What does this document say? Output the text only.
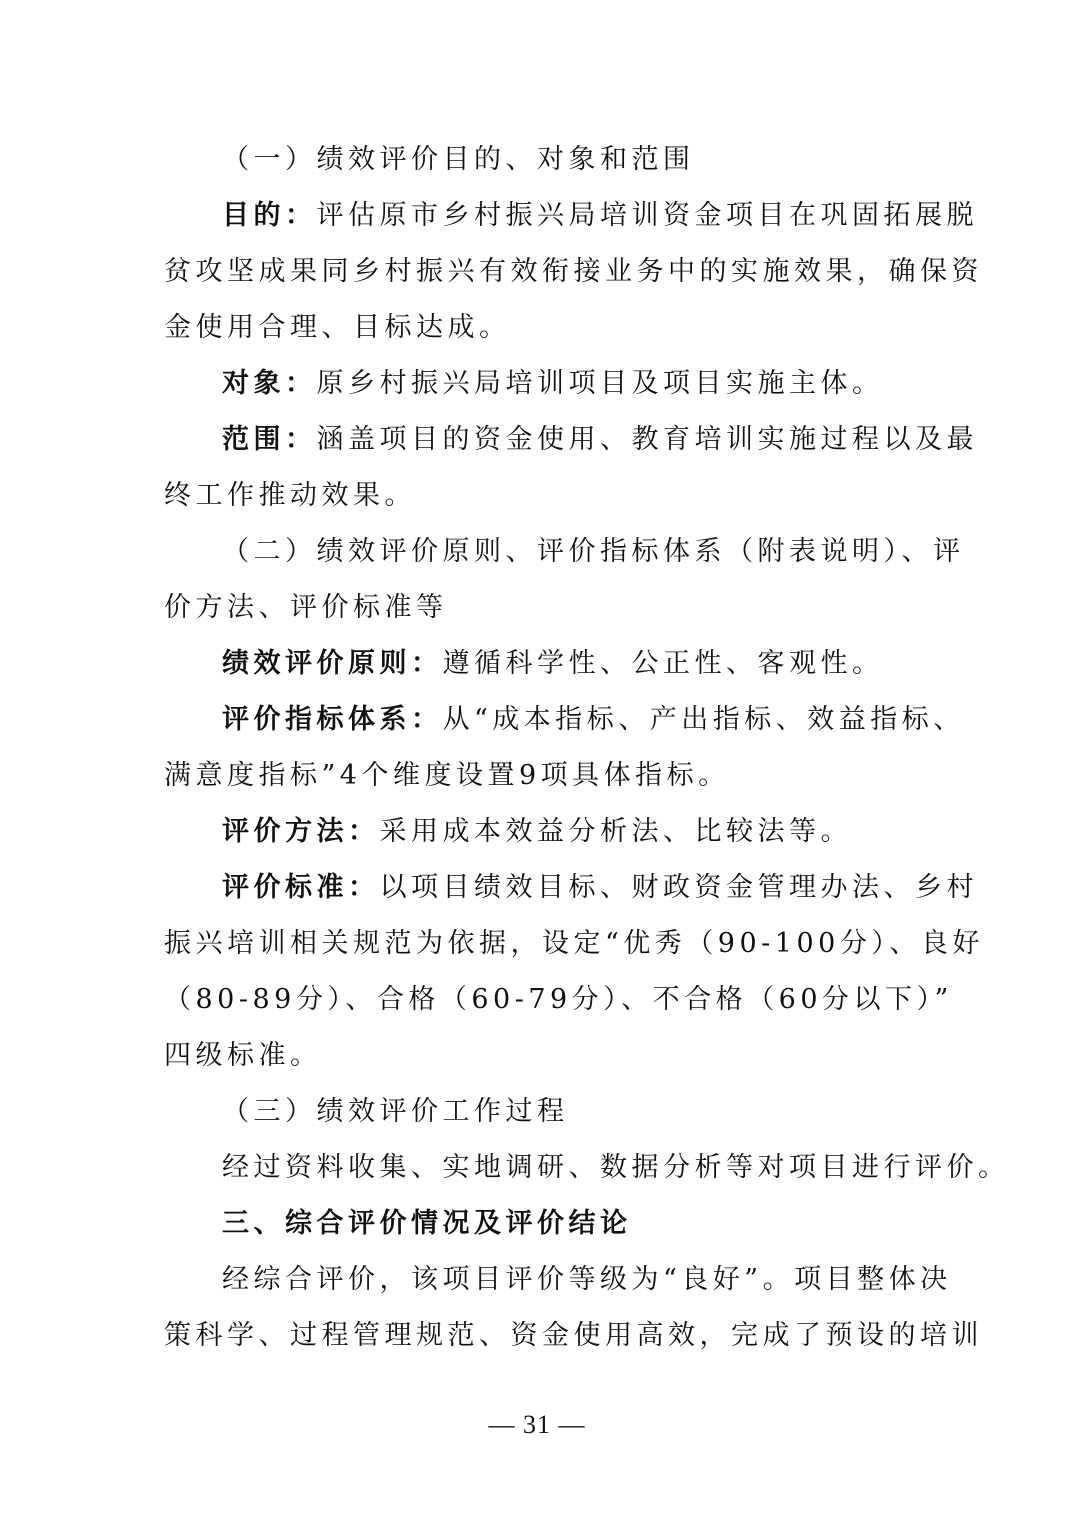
（一）绩效评价目的、对象和范围
目的：评估原市乡村振兴局培训资金项目在巩固拓展脱
贫攻坚成果同乡村振兴有效衔接业务中的实施效果，确保资
金使用合理、目标达成。
对象：原乡村振兴局培训项目及项目实施主体。
范围：涵盖项目的资金使用、教育培训实施过程以及最
终工作推动效果。
（二）绩效评价原则、评价指标体系（附表说明）、评
价方法、评价标准等
绩效评价原则：遵循科学性、公正性、客观性。
评价指标体系：从“成本指标、产出指标、效益指标、
满意度指标”4个维度设置9项具体指标。
评价方法：采用成本效益分析法、比较法等。
评价标准：以项目绩效目标、财政资金管理办法、乡村
振兴培训相关规范为依据，设定“优秀（90-100分）、良好
（80-89分）、合格（60-79分）、不合格（60分以下）”
四级标准。
（三）绩效评价工作过程
经过资料收集、实地调研、数据分析等对项目进行评价。
三、综合评价情况及评价结论
经综合评价，该项目评价等级为“良好”。项目整体决
策科学、过程管理规范、资金使用高效，完成了预设的培训
— 31 —
